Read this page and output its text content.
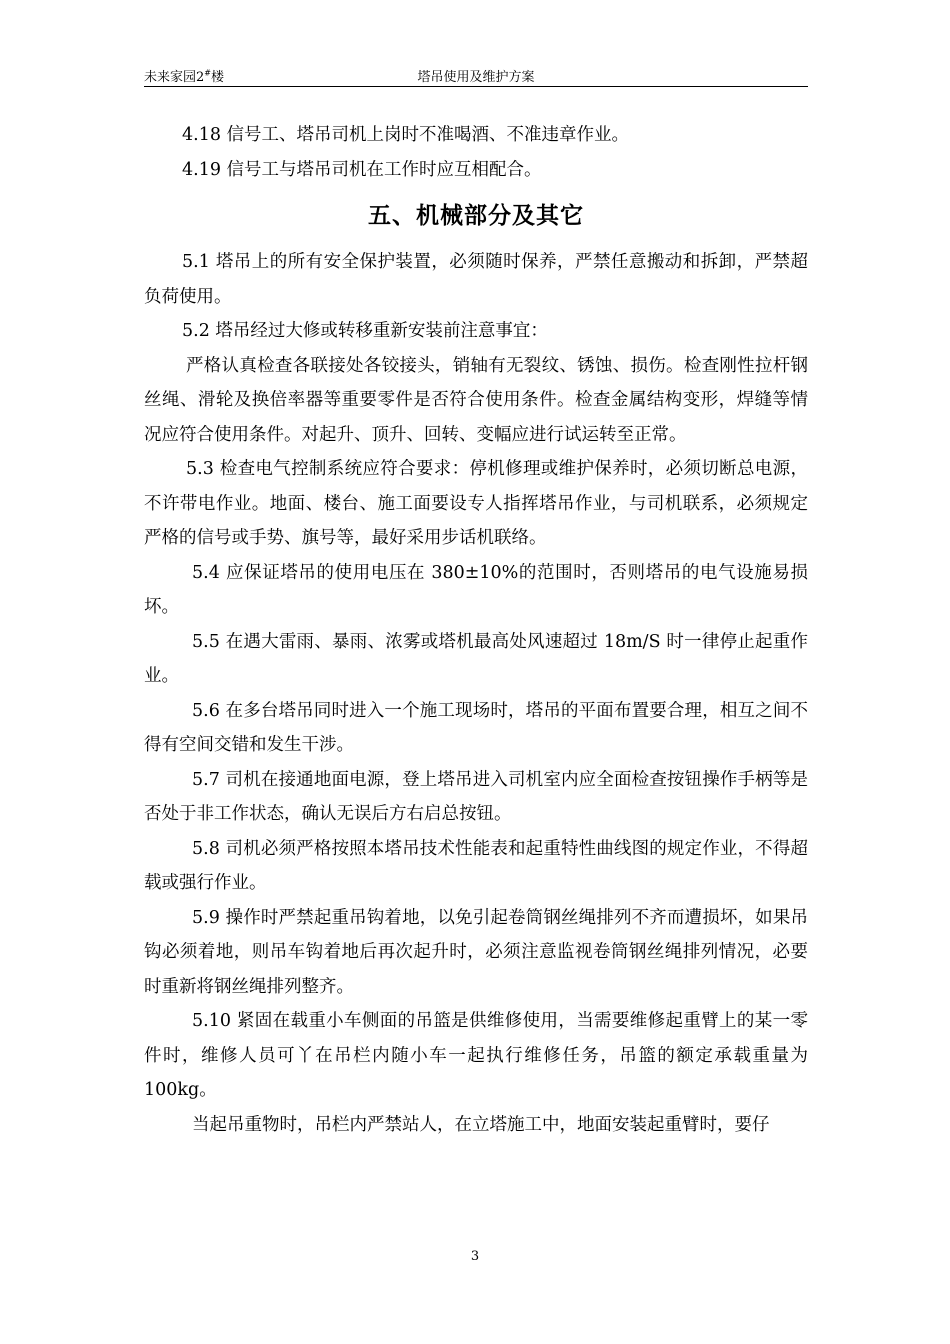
未来家园2#楼	塔吊使用及维护方案

4.18 信号工、塔吊司机上岗时不准喝酒、不准违章作业。

4.19 信号工与塔吊司机在工作时应互相配合。

五、机械部分及其它

5.1 塔吊上的所有安全保护装置，必须随时保养，严禁任意搬动和拆卸，严禁超负荷使用。

5.2 塔吊经过大修或转移重新安装前注意事宜：

严格认真检查各联接处各铰接头，销轴有无裂纹、锈蚀、损伤。检查刚性拉杆钢丝绳、滑轮及换倍率器等重要零件是否符合使用条件。检查金属结构变形，焊缝等情况应符合使用条件。对起升、顶升、回转、变幅应进行试运转至正常。

5.3 检查电气控制系统应符合要求：停机修理或维护保养时，必须切断总电源，不许带电作业。地面、楼台、施工面要设专人指挥塔吊作业，与司机联系，必须规定严格的信号或手势、旗号等，最好采用步话机联络。

5.4 应保证塔吊的使用电压在 380±10%的范围时，否则塔吊的电气设施易损坏。

5.5 在遇大雷雨、暴雨、浓雾或塔机最高处风速超过 18m/S 时一律停止起重作业。

5.6 在多台塔吊同时进入一个施工现场时，塔吊的平面布置要合理，相互之间不得有空间交错和发生干涉。

5.7 司机在接通地面电源，登上塔吊进入司机室内应全面检查按钮操作手柄等是否处于非工作状态，确认无误后方右启总按钮。

5.8 司机必须严格按照本塔吊技术性能表和起重特性曲线图的规定作业，不得超载或强行作业。

5.9 操作时严禁起重吊钩着地，以免引起卷筒钢丝绳排列不齐而遭损坏，如果吊钩必须着地，则吊车钩着地后再次起升时，必须注意监视卷筒钢丝绳排列情况，必要时重新将钢丝绳排列整齐。

5.10 紧固在载重小车侧面的吊篮是供维修使用，当需要维修起重臂上的某一零件时，维修人员可丫在吊栏内随小车一起执行维修任务，吊篮的额定承载重量为 100kg。

当起吊重物时，吊栏内严禁站人，在立塔施工中，地面安装起重臂时，要仔

3
